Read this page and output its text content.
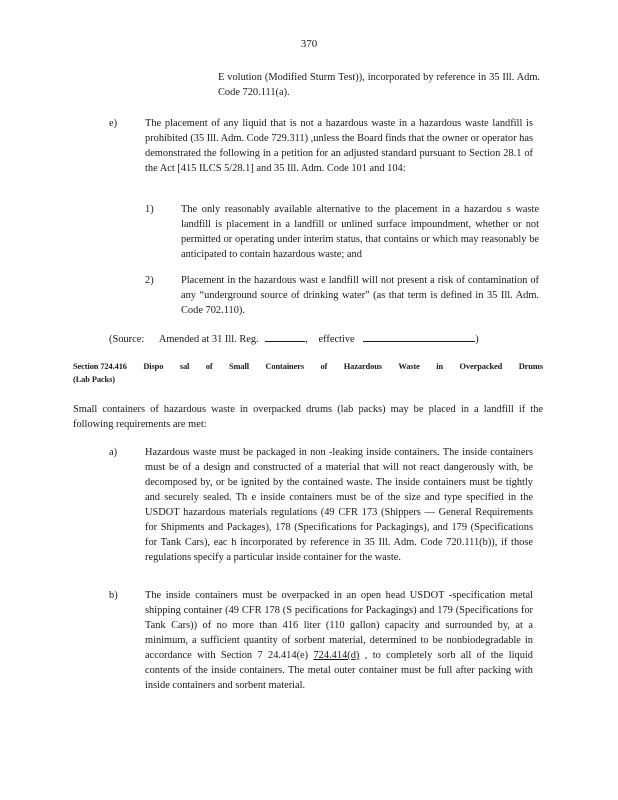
370
E volution (Modified Sturm Test)), incorporated by reference in 35 Ill. Adm. Code 720.111(a).
e)	The placement of any liquid that is not a hazardous waste in a hazardous waste landfill is prohibited (35 Ill. Adm. Code 729.311) ,unless the Board finds that the owner or operator has demonstrated the following in a petition for an adjusted standard pursuant to Section 28.1 of the Act [415 ILCS 5/28.1] and 35 Ill. Adm. Code 101 and 104:
1)	The only reasonably available alternative to the placement in a hazardou s waste landfill is placement in a landfill or unlined surface impoundment, whether or not permitted or operating under interim status, that contains or which may reasonably be anticipated to contain hazardous waste; and
2)	Placement in the hazardous wast e landfill will not present a risk of contamination of any “underground source of drinking water” (as that term is defined in 35 Ill. Adm. Code 702.110).
(Source: Amended at 31 Ill. Reg.	, effective	)
Section 724.416 Dispo sal of Small Containers of Hazardous Waste in Overpacked Drums
(Lab Packs)
Small containers of hazardous waste in overpacked drums (lab packs) may be placed in a landfill if the following requirements are met:
a)	Hazardous waste must be packaged in non -leaking inside containers. The inside containers must be of a design and constructed of a material that will not react dangerously with, be decomposed by, or be ignited by the contained waste. The inside containers must be tightly and securely sealed. Th e inside containers must be of the size and type specified in the USDOT hazardous materials regulations (49 CFR 173 (Shippers — General Requirements for Shipments and Packages), 178 (Specifications for Packagings), and 179 (Specifications for Tank Cars), eac h incorporated by reference in 35 Ill. Adm. Code 720.111(b)), if those regulations specify a particular inside container for the waste.
b)	The inside containers must be overpacked in an open head USDOT -specification metal shipping container (49 CFR 178 (S pecifications for Packagings) and 179 (Specifications for Tank Cars)) of no more than 416 liter (110 gallon) capacity and surrounded by, at a minimum, a sufficient quantity of sorbent material, determined to be nonbiodegradable in accordance with Section 7 24.414(e) 724.414(d) , to completely sorb all of the liquid contents of the inside containers. The metal outer container must be full after packing with inside containers and sorbent material.
